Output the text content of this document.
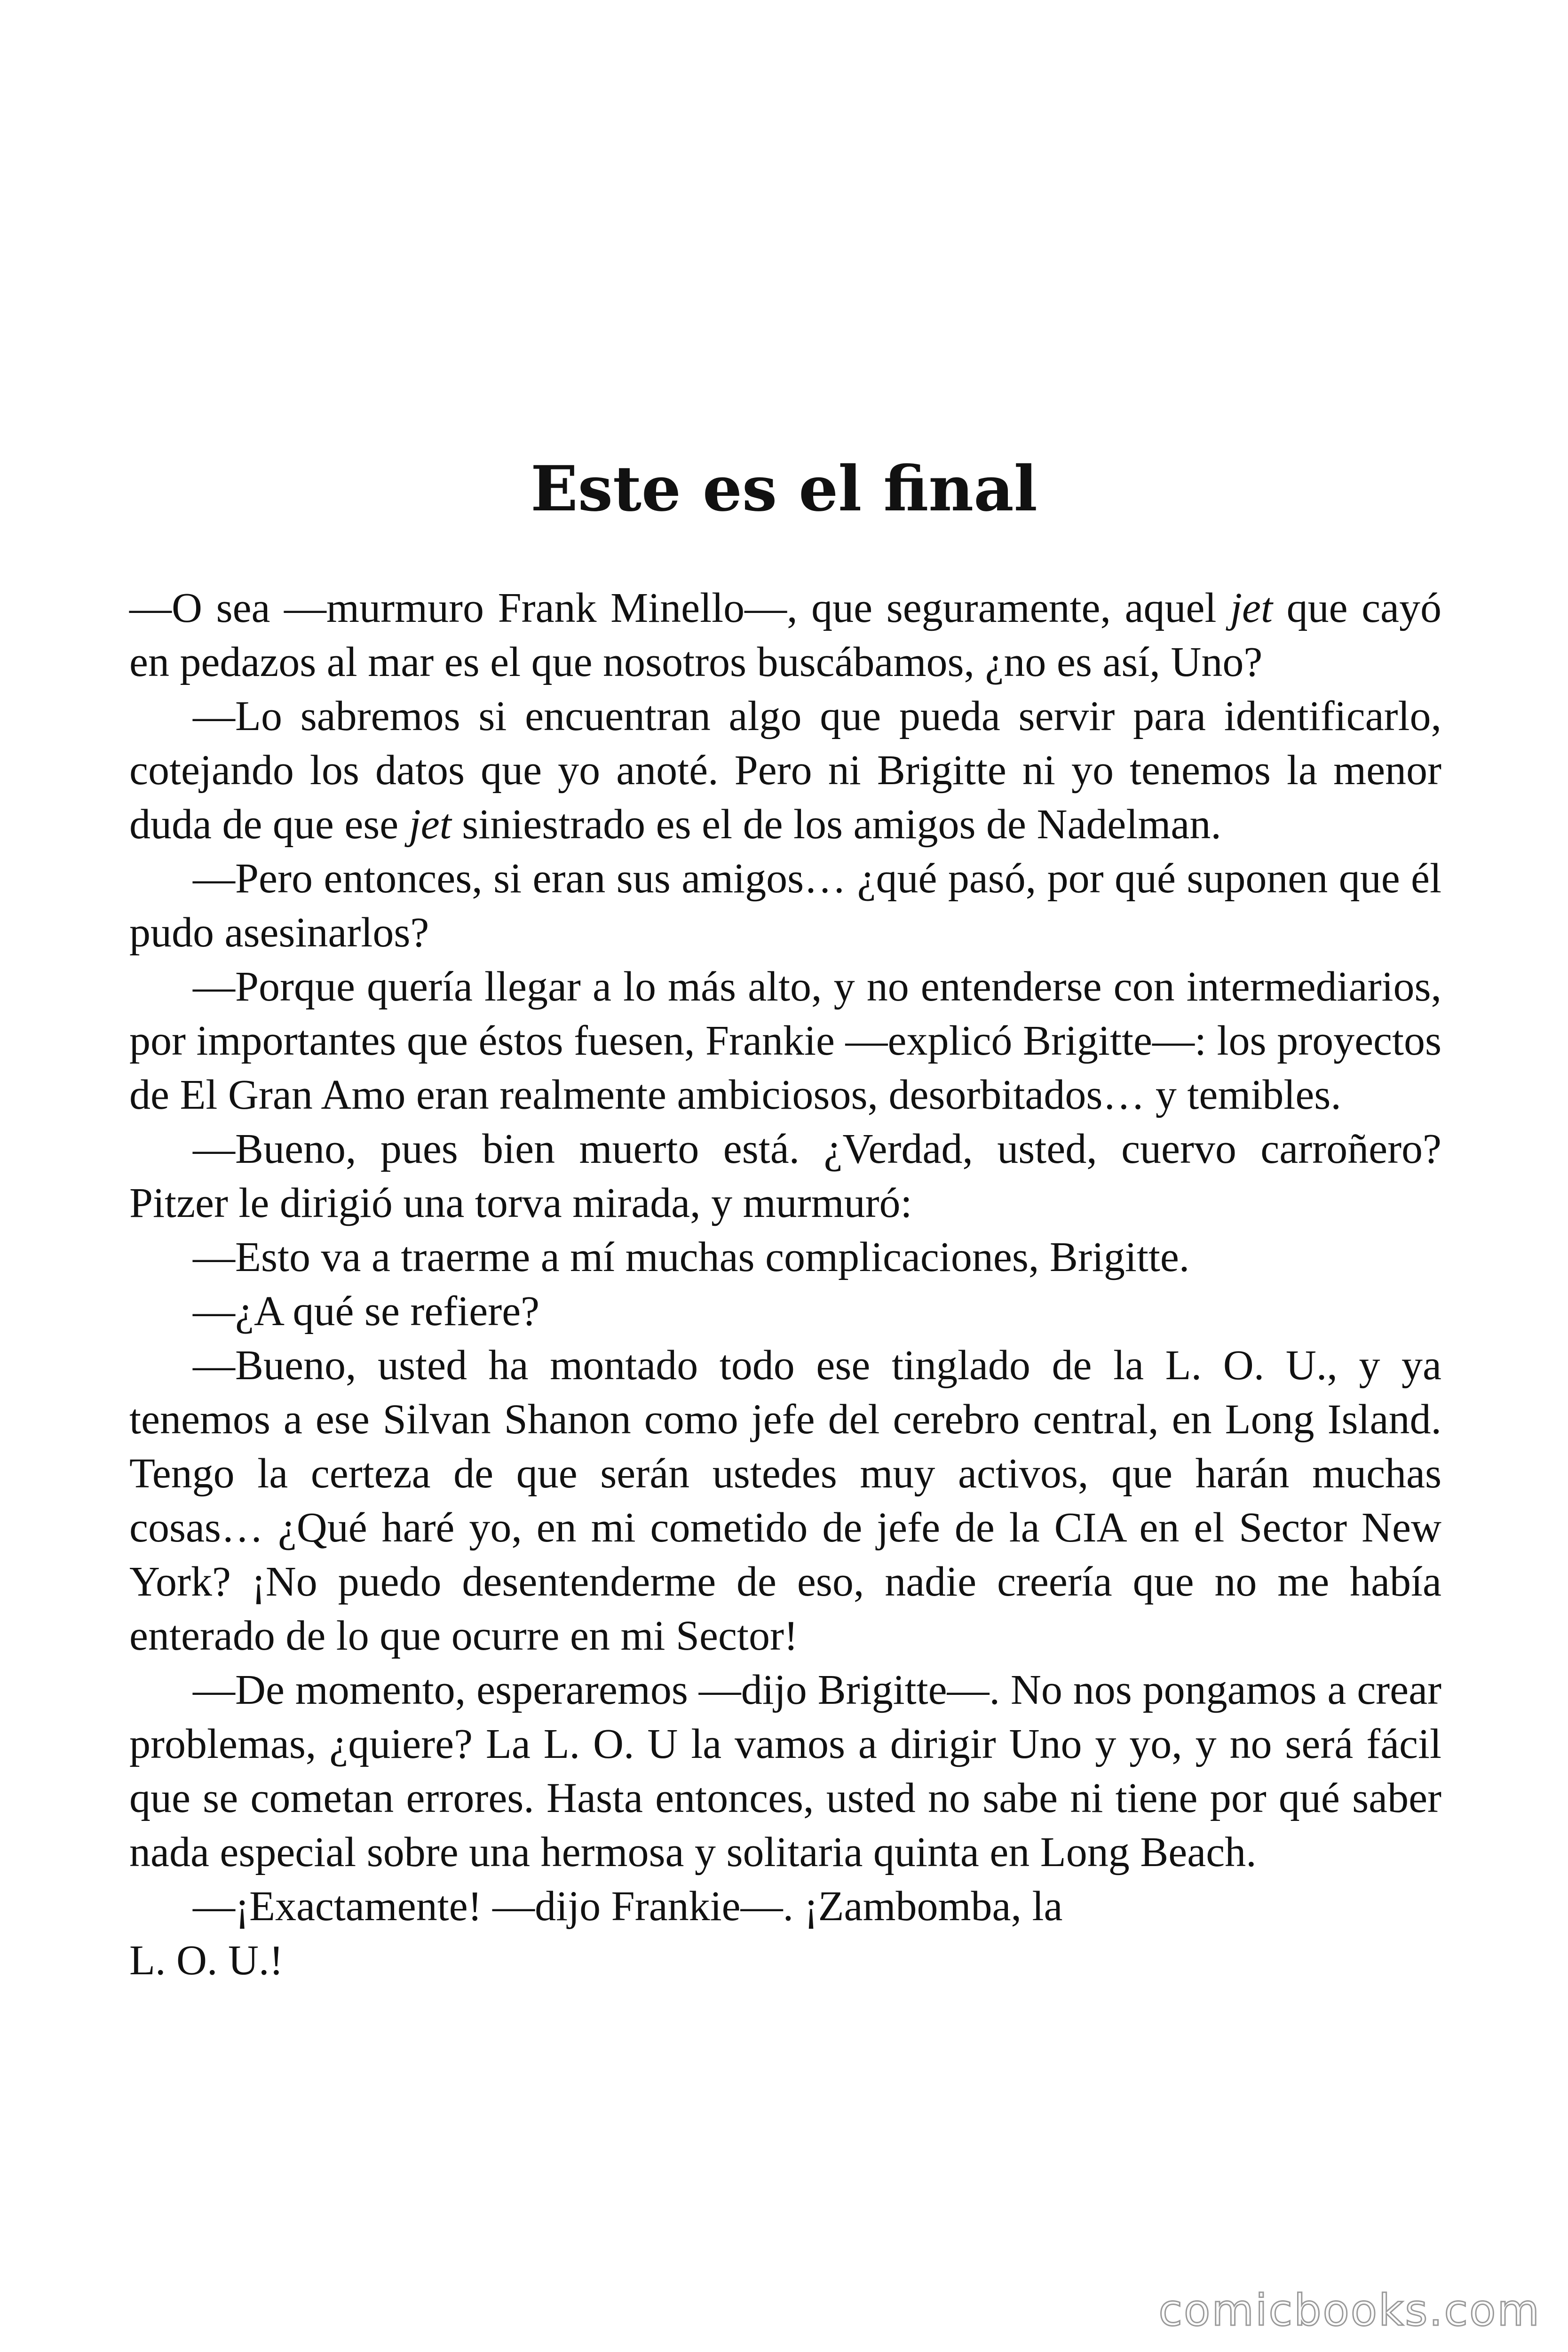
Este es el final

—O sea —murmuro Frank Minello—, que seguramente, aquel jet que cayó en pedazos al mar es el que nosotros buscábamos, ¿no es así, Uno?

—Lo sabremos si encuentran algo que pueda servir para identificarlo, cotejando los datos que yo anoté. Pero ni Brigitte ni yo tenemos la menor duda de que ese jet siniestrado es el de los amigos de Nadelman.

—Pero entonces, si eran sus amigos… ¿qué pasó, por qué suponen que él pudo asesinarlos?

—Porque quería llegar a lo más alto, y no entenderse con intermediarios, por importantes que éstos fuesen, Frankie —explicó Brigitte—: los proyectos de El Gran Amo eran realmente ambiciosos, desorbitados… y temibles.

—Bueno, pues bien muerto está. ¿Verdad, usted, cuervo carroñero? Pitzer le dirigió una torva mirada, y murmuró:

—Esto va a traerme a mí muchas complicaciones, Brigitte.

—¿A qué se refiere?

—Bueno, usted ha montado todo ese tinglado de la L. O. U., y ya tenemos a ese Silvan Shanon como jefe del cerebro central, en Long Island. Tengo la certeza de que serán ustedes muy activos, que harán muchas cosas… ¿Qué haré yo, en mi cometido de jefe de la CIA en el Sector New York? ¡No puedo desentenderme de eso, nadie creería que no me había enterado de lo que ocurre en mi Sector!

—De momento, esperaremos —dijo Brigitte—. No nos pongamos a crear problemas, ¿quiere? La L. O. U la vamos a dirigir Uno y yo, y no será fácil que se cometan errores. Hasta entonces, usted no sabe ni tiene por qué saber nada especial sobre una hermosa y solitaria quinta en Long Beach.

—¡Exactamente! —dijo Frankie—. ¡Zambomba, la
L. O. U.!

comicbooks.com
